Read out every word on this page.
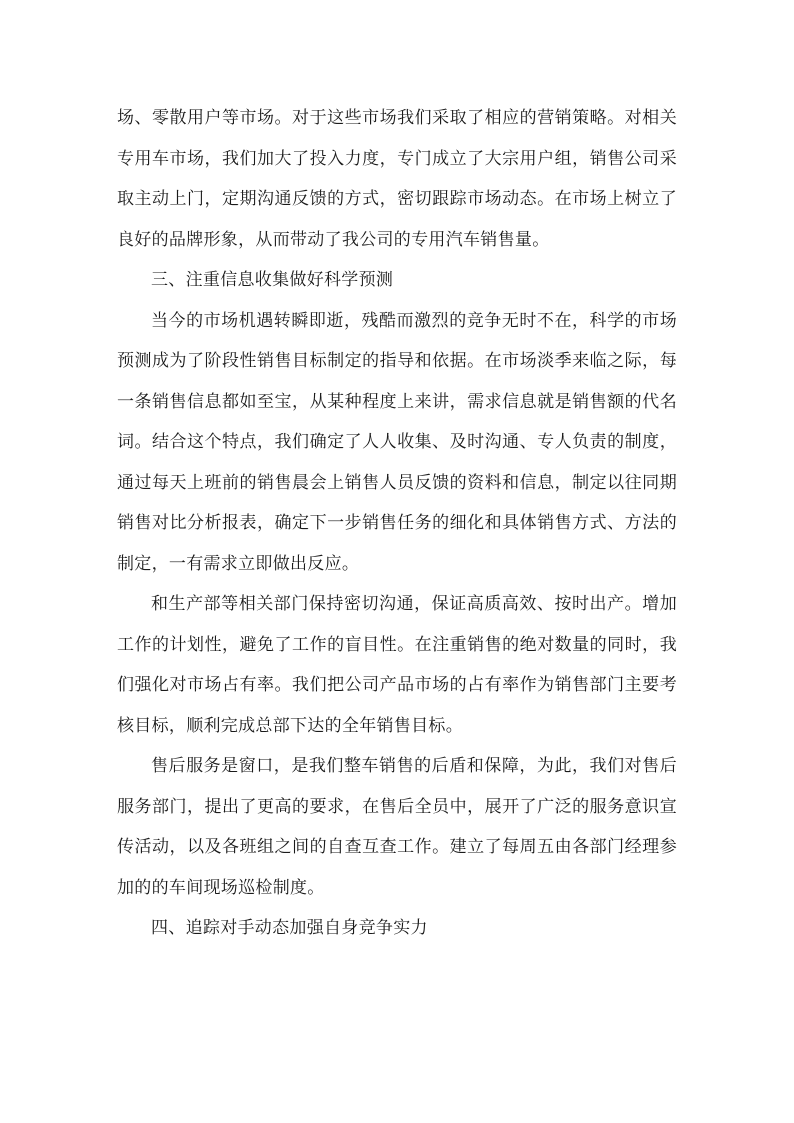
场、零散用户等市场。对于这些市场我们采取了相应的营销策略。对相关专用车市场，我们加大了投入力度，专门成立了大宗用户组，销售公司采取主动上门，定期沟通反馈的方式，密切跟踪市场动态。在市场上树立了良好的品牌形象，从而带动了我公司的专用汽车销售量。

三、注重信息收集做好科学预测

当今的市场机遇转瞬即逝，残酷而激烈的竞争无时不在，科学的市场预测成为了阶段性销售目标制定的指导和依据。在市场淡季来临之际，每一条销售信息都如至宝，从某种程度上来讲，需求信息就是销售额的代名词。结合这个特点，我们确定了人人收集、及时沟通、专人负责的制度，通过每天上班前的销售晨会上销售人员反馈的资料和信息，制定以往同期销售对比分析报表，确定下一步销售任务的细化和具体销售方式、方法的制定，一有需求立即做出反应。

和生产部等相关部门保持密切沟通，保证高质高效、按时出产。增加工作的计划性，避免了工作的盲目性。在注重销售的绝对数量的同时，我们强化对市场占有率。我们把公司产品市场的占有率作为销售部门主要考核目标，顺利完成总部下达的全年销售目标。

售后服务是窗口，是我们整车销售的后盾和保障，为此，我们对售后服务部门，提出了更高的要求，在售后全员中，展开了广泛的服务意识宣传活动，以及各班组之间的自查互查工作。建立了每周五由各部门经理参加的的车间现场巡检制度。

四、追踪对手动态加强自身竞争实力
